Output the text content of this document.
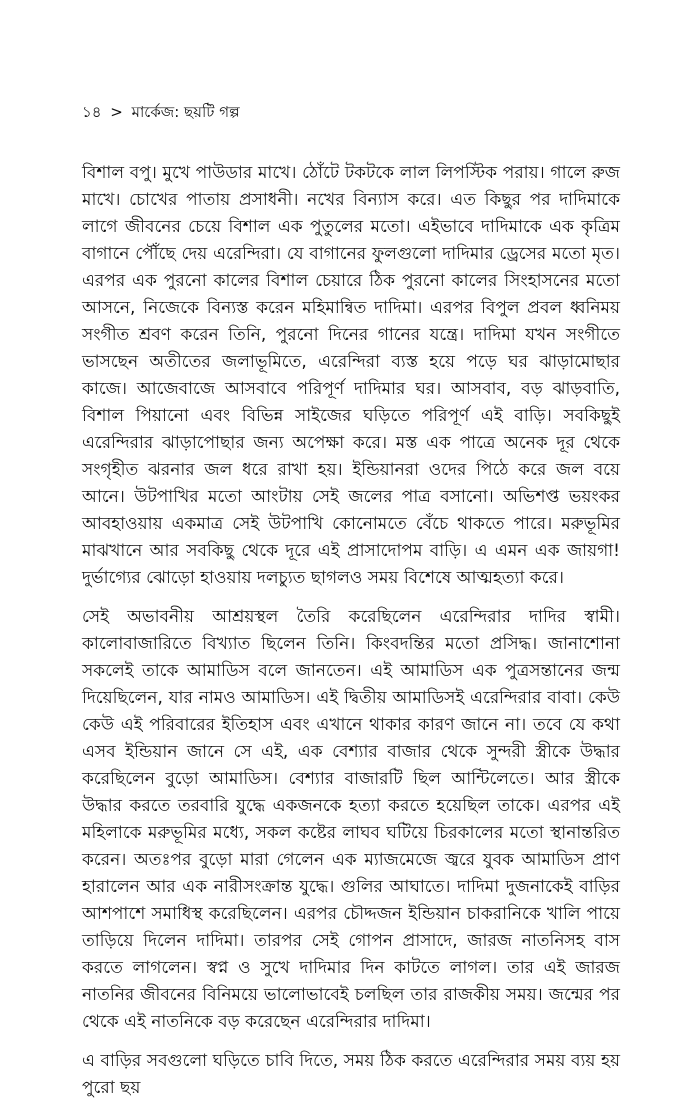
১৪ > মার্কেজ: ছয়টি গল্প

বিশাল বপু। মুখে পাউডার মাখে। ঠোঁটে টকটকে লাল লিপস্টিক পরায়। গালে রুজ মাখে। চোখের পাতায় প্রসাধনী। নখের বিন্যাস করে। এত কিছুর পর দাদিমাকে লাগে জীবনের চেয়ে বিশাল এক পুতুলের মতো। এইভাবে দাদিমাকে এক কৃত্রিম বাগানে পৌঁছে দেয় এরেন্দিরা। যে বাগানের ফুলগুলো দাদিমার ড্রেসের মতো মৃত। এরপর এক পুরনো কালের বিশাল চেয়ারে ঠিক পুরনো কালের সিংহাসনের মতো আসনে, নিজেকে বিন্যস্ত করেন মহিমান্বিত দাদিমা। এরপর বিপুল প্রবল ধ্বনিময় সংগীত শ্রবণ করেন তিনি, পুরনো দিনের গানের যন্ত্রে। দাদিমা যখন সংগীতে ভাসছেন অতীতের জলাভূমিতে, এরেন্দিরা ব্যস্ত হয়ে পড়ে ঘর ঝাড়ামোছার কাজে। আজেবাজে আসবাবে পরিপূর্ণ দাদিমার ঘর। আসবাব, বড় ঝাড়বাতি, বিশাল পিয়ানো এবং বিভিন্ন সাইজের ঘড়িতে পরিপূর্ণ এই বাড়ি। সবকিছুই এরেন্দিরার ঝাড়াপোছার জন্য অপেক্ষা করে। মস্ত এক পাত্রে অনেক দূর থেকে সংগৃহীত ঝরনার জল ধরে রাখা হয়। ইন্ডিয়ানরা ওদের পিঠে করে জল বয়ে আনে। উটপাখির মতো আংটায় সেই জলের পাত্র বসানো। অভিশপ্ত ভয়ংকর আবহাওয়ায় একমাত্র সেই উটপাখি কোনোমতে বেঁচে থাকতে পারে। মরুভূমির মাঝখানে আর সবকিছু থেকে দূরে এই প্রাসাদোপম বাড়ি। এ এমন এক জায়গা! দুর্ভাগ্যের ঝোড়ো হাওয়ায় দলচ্যুত ছাগলও সময় বিশেষে আত্মহত্যা করে।

সেই অভাবনীয় আশ্রয়স্থল তৈরি করেছিলেন এরেন্দিরার দাদির স্বামী। কালোবাজারিতে বিখ্যাত ছিলেন তিনি। কিংবদন্তির মতো প্রসিদ্ধ। জানাশোনা সকলেই তাকে আমাডিস বলে জানতেন। এই আমাডিস এক পুত্রসন্তানের জন্ম দিয়েছিলেন, যার নামও আমাডিস। এই দ্বিতীয় আমাডিসই এরেন্দিরার বাবা। কেউ কেউ এই পরিবারের ইতিহাস এবং এখানে থাকার কারণ জানে না। তবে যে কথা এসব ইন্ডিয়ান জানে সে এই, এক বেশ্যার বাজার থেকে সুন্দরী স্ত্রীকে উদ্ধার করেছিলেন বুড়ো আমাডিস। বেশ্যার বাজারটি ছিল আন্টিলেতে। আর স্ত্রীকে উদ্ধার করতে তরবারি যুদ্ধে একজনকে হত্যা করতে হয়েছিল তাকে। এরপর এই মহিলাকে মরুভূমির মধ্যে, সকল কষ্টের লাঘব ঘটিয়ে চিরকালের মতো স্থানান্তরিত করেন। অতঃপর বুড়ো মারা গেলেন এক ম্যাজমেজে জ্বরে যুবক আমাডিস প্রাণ হারালেন আর এক নারীসংক্রান্ত যুদ্ধে। গুলির আঘাতে। দাদিমা দুজনাকেই বাড়ির আশপাশে সমাধিস্থ করেছিলেন। এরপর চৌদ্দজন ইন্ডিয়ান চাকরানিকে খালি পায়ে তাড়িয়ে দিলেন দাদিমা। তারপর সেই গোপন প্রাসাদে, জারজ নাতনিসহ বাস করতে লাগলেন। স্বপ্ন ও সুখে দাদিমার দিন কাটতে লাগল। তার এই জারজ নাতনির জীবনের বিনিময়ে ভালোভাবেই চলছিল তার রাজকীয় সময়। জন্মের পর থেকে এই নাতনিকে বড় করেছেন এরেন্দিরার দাদিমা।

এ বাড়ির সবগুলো ঘড়িতে চাবি দিতে, সময় ঠিক করতে এরেন্দিরার সময় ব্যয় হয় পুরো ছয়
